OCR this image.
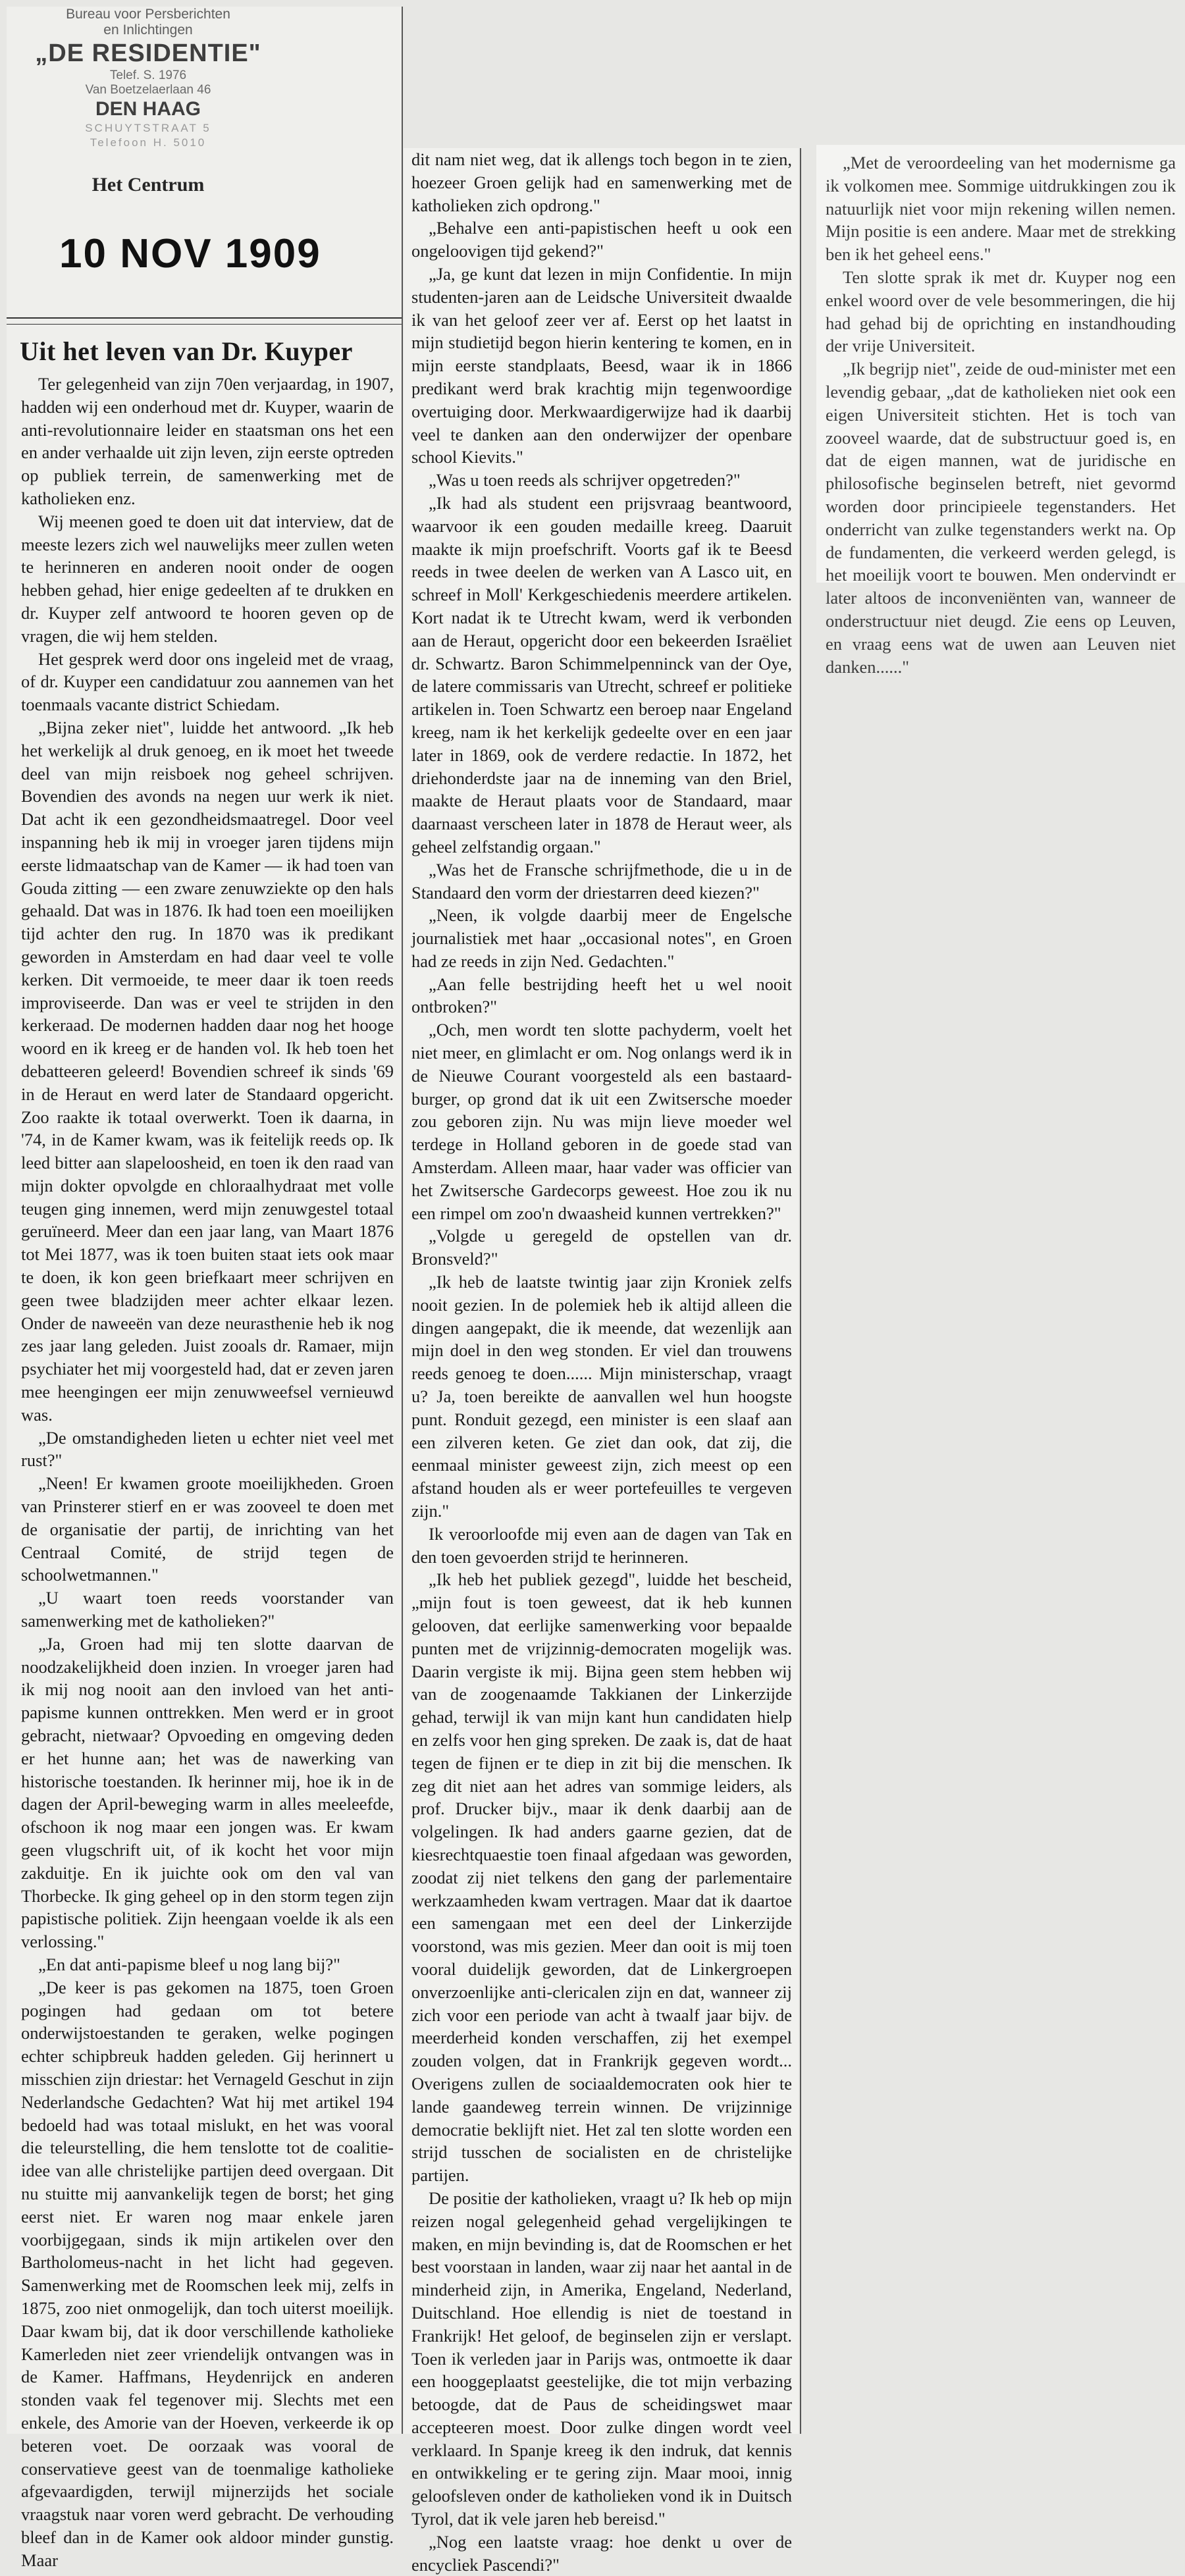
Bureau voor Persberichten
en Inlichtingen
„DE RESIDENTIE"
Telef. S. 1976
Van Boetzelaerlaan 46
DEN HAAG
SCHUYTSTRAAT 5
Telefoon H. 5010
Het Centrum
10 NOV 1909
Uit het leven van Dr. Kuyper

Ter gelegenheid van zijn 70en verjaardag, in 1907, hadden wij een onderhoud met dr. Kuyper, waarin de anti-revolutionnaire leider en staatsman ons het een en ander verhaalde uit zijn leven, zijn eerste optreden op publiek terrein, de samenwerking met de katholieken enz.

Wij meenen goed te doen uit dat interview, dat de meeste lezers zich wel nauwelijks meer zullen weten te herinneren en anderen nooit onder de oogen hebben gehad, hier enige gedeelten af te drukken en dr. Kuyper zelf antwoord te hooren geven op de vragen, die wij hem stelden.

Het gesprek werd door ons ingeleid met de vraag, of dr. Kuyper een candidatuur zou aannemen van het toenmaals vacante district Schiedam.

„Bijna zeker niet", luidde het antwoord. „Ik heb het werkelijk al druk genoeg, en ik moet het tweede deel van mijn reisboek nog geheel schrijven. Bovendien des avonds na negen uur werk ik niet. Dat acht ik een gezondheidsmaatregel. Door veel inspanning heb ik mij in vroeger jaren tijdens mijn eerste lidmaatschap van de Kamer — ik had toen van Gouda zitting — een zware zenuwziekte op den hals gehaald. Dat was in 1876. Ik had toen een moeilijken tijd achter den rug. In 1870 was ik predikant geworden in Amsterdam en had daar veel te volle kerken. Dit vermoeide, te meer daar ik toen reeds improviseerde. Dan was er veel te strijden in den kerkeraad. De modernen hadden daar nog het hooge woord en ik kreeg er de handen vol. Ik heb toen het debatteeren geleerd! Bovendien schreef ik sinds '69 in de Heraut en werd later de Standaard opgericht. Zoo raakte ik totaal overwerkt. Toen ik daarna, in '74, in de Kamer kwam, was ik feitelijk reeds op. Ik leed bitter aan slapeloosheid, en toen ik den raad van mijn dokter opvolgde en chloraalhydraat met volle teugen ging innemen, werd mijn zenuwgestel totaal geruïneerd. Meer dan een jaar lang, van Maart 1876 tot Mei 1877, was ik toen buiten staat iets ook maar te doen, ik kon geen briefkaart meer schrijven en geen twee bladzijden meer achter elkaar lezen. Onder de naweeën van deze neurasthenie heb ik nog zes jaar lang geleden. Juist zooals dr. Ramaer, mijn psychiater het mij voorgesteld had, dat er zeven jaren mee heengingen eer mijn zenuwweefsel vernieuwd was.

„De omstandigheden lieten u echter niet veel met rust?"

„Neen! Er kwamen groote moeilijkheden. Groen van Prinsterer stierf en er was zooveel te doen met de organisatie der partij, de inrichting van het Centraal Comité, de strijd tegen de schoolwetmannen."

„U waart toen reeds voorstander van samenwerking met de katholieken?"

„Ja, Groen had mij ten slotte daarvan de noodzakelijkheid doen inzien. In vroeger jaren had ik mij nog nooit aan den invloed van het anti-papisme kunnen onttrekken. Men werd er in groot gebracht, nietwaar? Opvoeding en omgeving deden er het hunne aan; het was de nawerking van historische toestanden. Ik herinner mij, hoe ik in de dagen der April-beweging warm in alles meeleefde, ofschoon ik nog maar een jongen was. Er kwam geen vlugschrift uit, of ik kocht het voor mijn zakduitje. En ik juichte ook om den val van Thorbecke. Ik ging geheel op in den storm tegen zijn papistische politiek. Zijn heengaan voelde ik als een verlossing."

„En dat anti-papisme bleef u nog lang bij?"

„De keer is pas gekomen na 1875, toen Groen pogingen had gedaan om tot betere onderwijstoestanden te geraken, welke pogingen echter schipbreuk hadden geleden. Gij herinnert u misschien zijn driestar: het Vernageld Geschut in zijn Nederlandsche Gedachten? Wat hij met artikel 194 bedoeld had was totaal mislukt, en het was vooral die teleurstelling, die hem tenslotte tot de coalitie-idee van alle christelijke partijen deed overgaan. Dit nu stuitte mij aanvankelijk tegen de borst; het ging eerst niet. Er waren nog maar enkele jaren voorbijgegaan, sinds ik mijn artikelen over den Bartholomeus-nacht in het licht had gegeven. Samenwerking met de Roomschen leek mij, zelfs in 1875, zoo niet onmogelijk, dan toch uiterst moeilijk. Daar kwam bij, dat ik door verschillende katholieke Kamerleden niet zeer vriendelijk ontvangen was in de Kamer. Haffmans, Heydenrijck en anderen stonden vaak fel tegenover mij. Slechts met een enkele, des Amorie van der Hoeven, verkeerde ik op beteren voet. De oorzaak was vooral de conservatieve geest van de toenmalige katholieke afgevaardigden, terwijl mijnerzijds het sociale vraagstuk naar voren werd gebracht. De verhouding bleef dan in de Kamer ook aldoor minder gunstig. Maar

dit nam niet weg, dat ik allengs toch begon in te zien, hoezeer Groen gelijk had en samenwerking met de katholieken zich opdrong."

„Behalve een anti-papistischen heeft u ook een ongeloovigen tijd gekend?"

„Ja, ge kunt dat lezen in mijn Confidentie. In mijn studenten-jaren aan de Leidsche Universiteit dwaalde ik van het geloof zeer ver af. Eerst op het laatst in mijn studietijd begon hierin kentering te komen, en in mijn eerste standplaats, Beesd, waar ik in 1866 predikant werd brak krachtig mijn tegenwoordige overtuiging door. Merkwaardigerwijze had ik daarbij veel te danken aan den onderwijzer der openbare school Kievits."

„Was u toen reeds als schrijver opgetreden?"

„Ik had als student een prijsvraag beantwoord, waarvoor ik een gouden medaille kreeg. Daaruit maakte ik mijn proefschrift. Voorts gaf ik te Beesd reeds in twee deelen de werken van A Lasco uit, en schreef in Moll' Kerkgeschiedenis meerdere artikelen. Kort nadat ik te Utrecht kwam, werd ik verbonden aan de Heraut, opgericht door een bekeerden Israëliet dr. Schwartz. Baron Schimmelpenninck van der Oye, de latere commissaris van Utrecht, schreef er politieke artikelen in. Toen Schwartz een beroep naar Engeland kreeg, nam ik het kerkelijk gedeelte over en een jaar later in 1869, ook de verdere redactie. In 1872, het driehonderdste jaar na de inneming van den Briel, maakte de Heraut plaats voor de Standaard, maar daarnaast verscheen later in 1878 de Heraut weer, als geheel zelfstandig orgaan."

„Was het de Fransche schrijfmethode, die u in de Standaard den vorm der driestarren deed kiezen?"

„Neen, ik volgde daarbij meer de Engelsche journalistiek met haar „occasional notes", en Groen had ze reeds in zijn Ned. Gedachten."

„Aan felle bestrijding heeft het u wel nooit ontbroken?"

„Och, men wordt ten slotte pachyderm, voelt het niet meer, en glimlacht er om. Nog onlangs werd ik in de Nieuwe Courant voorgesteld als een bastaard-burger, op grond dat ik uit een Zwitsersche moeder zou geboren zijn. Nu was mijn lieve moeder wel terdege in Holland geboren in de goede stad van Amsterdam. Alleen maar, haar vader was officier van het Zwitsersche Gardecorps geweest. Hoe zou ik nu een rimpel om zoo'n dwaasheid kunnen vertrekken?"

„Volgde u geregeld de opstellen van dr. Bronsveld?"

„Ik heb de laatste twintig jaar zijn Kroniek zelfs nooit gezien. In de polemiek heb ik altijd alleen die dingen aangepakt, die ik meende, dat wezenlijk aan mijn doel in den weg stonden. Er viel dan trouwens reeds genoeg te doen...... Mijn ministerschap, vraagt u? Ja, toen bereikte de aanvallen wel hun hoogste punt. Ronduit gezegd, een minister is een slaaf aan een zilveren keten. Ge ziet dan ook, dat zij, die eenmaal minister geweest zijn, zich meest op een afstand houden als er weer portefeuilles te vergeven zijn."

Ik veroorloofde mij even aan de dagen van Tak en den toen gevoerden strijd te herinneren.

„Ik heb het publiek gezegd", luidde het bescheid, „mijn fout is toen geweest, dat ik heb kunnen gelooven, dat eerlijke samenwerking voor bepaalde punten met de vrijzinnig-democraten mogelijk was. Daarin vergiste ik mij. Bijna geen stem hebben wij van de zoogenaamde Takkianen der Linkerzijde gehad, terwijl ik van mijn kant hun candidaten hielp en zelfs voor hen ging spreken. De zaak is, dat de haat tegen de fijnen er te diep in zit bij die menschen. Ik zeg dit niet aan het adres van sommige leiders, als prof. Drucker bijv., maar ik denk daarbij aan de volgelingen. Ik had anders gaarne gezien, dat de kiesrechtquaestie toen finaal afgedaan was geworden, zoodat zij niet telkens den gang der parlementaire werkzaamheden kwam vertragen. Maar dat ik daartoe een samengaan met een deel der Linkerzijde voorstond, was mis gezien. Meer dan ooit is mij toen vooral duidelijk geworden, dat de Linkergroepen onverzoenlijke anti-clericalen zijn en dat, wanneer zij zich voor een periode van acht à twaalf jaar bijv. de meerderheid konden verschaffen, zij het exempel zouden volgen, dat in Frankrijk gegeven wordt... Overigens zullen de sociaaldemocraten ook hier te lande gaandeweg terrein winnen. De vrijzinnige democratie beklijft niet. Het zal ten slotte worden een strijd tusschen de socialisten en de christelijke partijen.

De positie der katholieken, vraagt u? Ik heb op mijn reizen nogal gelegenheid gehad vergelijkingen te maken, en mijn bevinding is, dat de Roomschen er het best voorstaan in landen, waar zij naar het aantal in de minderheid zijn, in Amerika, Engeland, Nederland, Duitschland. Hoe ellendig is niet de toestand in Frankrijk! Het geloof, de beginselen zijn er verslapt. Toen ik verleden jaar in Parijs was, ontmoette ik daar een hooggeplaatst geestelijke, die tot mijn verbazing betoogde, dat de Paus de scheidingswet maar accepteeren moest. Door zulke dingen wordt veel verklaard. In Spanje kreeg ik den indruk, dat kennis en ontwikkeling er te gering zijn. Maar mooi, innig geloofsleven onder de katholieken vond ik in Duitsch Tyrol, dat ik vele jaren heb bereisd."

„Nog een laatste vraag: hoe denkt u over de encycliek Pascendi?"

„Met de veroordeeling van het modernisme ga ik volkomen mee. Sommige uitdrukkingen zou ik natuurlijk niet voor mijn rekening willen nemen. Mijn positie is een andere. Maar met de strekking ben ik het geheel eens."

Ten slotte sprak ik met dr. Kuyper nog een enkel woord over de vele besommeringen, die hij had gehad bij de oprichting en instandhouding der vrije Universiteit.

„Ik begrijp niet", zeide de oud-minister met een levendig gebaar, „dat de katholieken niet ook een eigen Universiteit stichten. Het is toch van zooveel waarde, dat de substructuur goed is, en dat de eigen mannen, wat de juridische en philosofische beginselen betreft, niet gevormd worden door principieele tegenstanders. Het onderricht van zulke tegenstanders werkt na. Op de fundamenten, die verkeerd werden gelegd, is het moeilijk voort te bouwen. Men ondervindt er later altoos de inconveniënten van, wanneer de onderstructuur niet deugd. Zie eens op Leuven, en vraag eens wat de uwen aan Leuven niet danken......"
